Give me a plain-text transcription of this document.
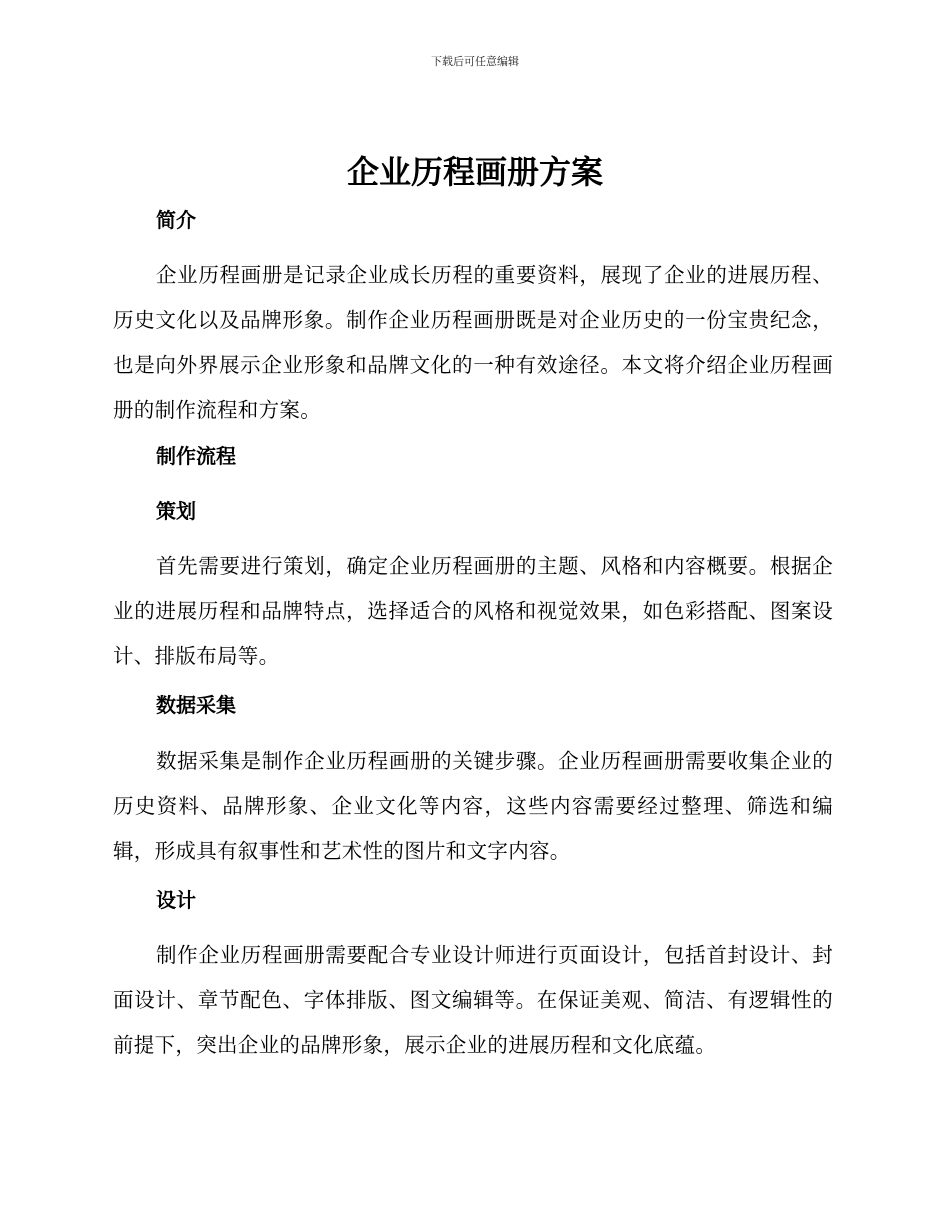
下载后可任意编辑
企业历程画册方案
简介
企业历程画册是记录企业成长历程的重要资料，展现了企业的进展历程、历史文化以及品牌形象。制作企业历程画册既是对企业历史的一份宝贵纪念，也是向外界展示企业形象和品牌文化的一种有效途径。本文将介绍企业历程画册的制作流程和方案。
制作流程
策划
首先需要进行策划，确定企业历程画册的主题、风格和内容概要。根据企业的进展历程和品牌特点，选择适合的风格和视觉效果，如色彩搭配、图案设计、排版布局等。
数据采集
数据采集是制作企业历程画册的关键步骤。企业历程画册需要收集企业的历史资料、品牌形象、企业文化等内容，这些内容需要经过整理、筛选和编辑，形成具有叙事性和艺术性的图片和文字内容。
设计
制作企业历程画册需要配合专业设计师进行页面设计，包括首封设计、封面设计、章节配色、字体排版、图文编辑等。在保证美观、简洁、有逻辑性的前提下，突出企业的品牌形象，展示企业的进展历程和文化底蕴。
